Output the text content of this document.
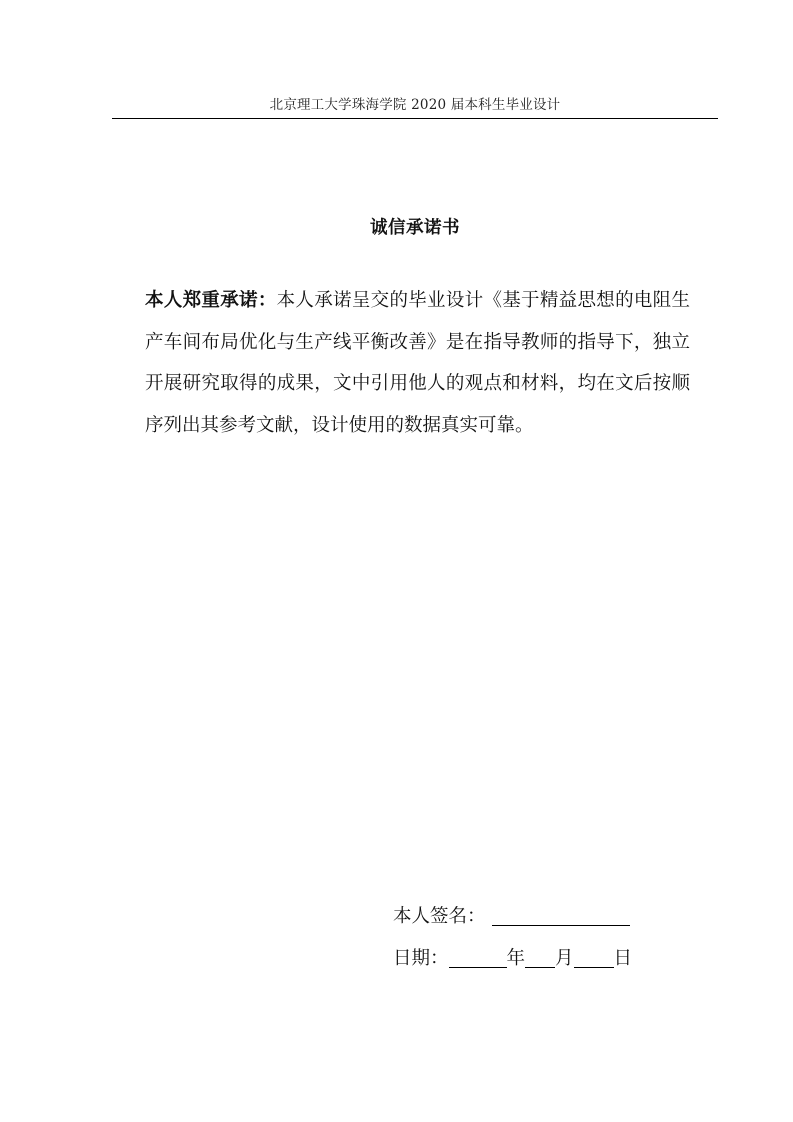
北京理工大学珠海学院 2020 届本科生毕业设计
诚信承诺书
本人郑重承诺：本人承诺呈交的毕业设计《基于精益思想的电阻生产车间布局优化与生产线平衡改善》是在指导教师的指导下，独立开展研究取得的成果，文中引用他人的观点和材料，均在文后按顺序列出其参考文献，设计使用的数据真实可靠。
本人签名：
日期：	年 月 日
